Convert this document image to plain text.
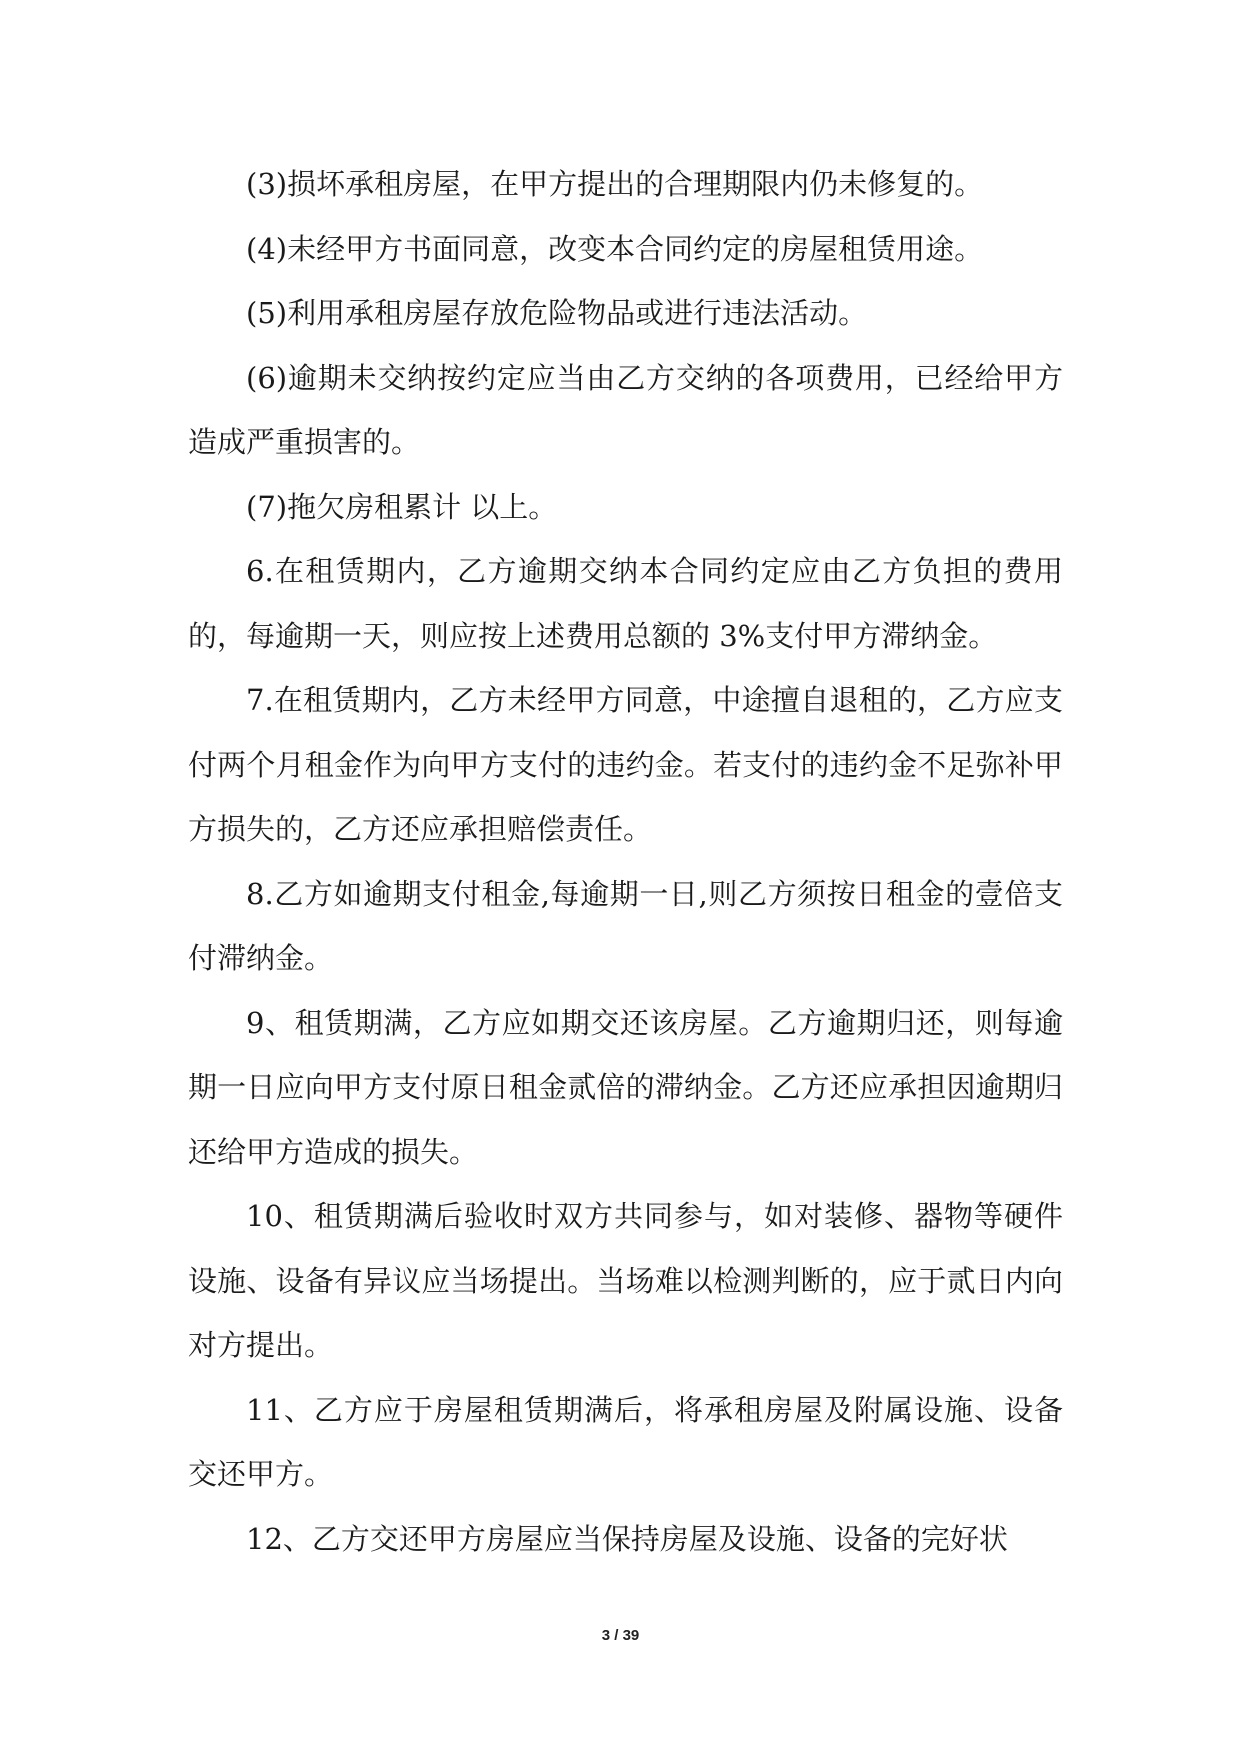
(3)损坏承租房屋，在甲方提出的合理期限内仍未修复的。

(4)未经甲方书面同意，改变本合同约定的房屋租赁用途。

(5)利用承租房屋存放危险物品或进行违法活动。

(6)逾期未交纳按约定应当由乙方交纳的各项费用，已经给甲方造成严重损害的。

(7)拖欠房租累计 以上。

6.在租赁期内，乙方逾期交纳本合同约定应由乙方负担的费用的，每逾期一天，则应按上述费用总额的 3%支付甲方滞纳金。

7.在租赁期内，乙方未经甲方同意，中途擅自退租的，乙方应支付两个月租金作为向甲方支付的违约金。若支付的违约金不足弥补甲方损失的，乙方还应承担赔偿责任。

8.乙方如逾期支付租金,每逾期一日,则乙方须按日租金的壹倍支付滞纳金。

9、租赁期满，乙方应如期交还该房屋。乙方逾期归还，则每逾期一日应向甲方支付原日租金贰倍的滞纳金。乙方还应承担因逾期归还给甲方造成的损失。

10、租赁期满后验收时双方共同参与，如对装修、器物等硬件设施、设备有异议应当场提出。当场难以检测判断的，应于贰日内向对方提出。

11、乙方应于房屋租赁期满后，将承租房屋及附属设施、设备交还甲方。

12、乙方交还甲方房屋应当保持房屋及设施、设备的完好状

3 / 39
